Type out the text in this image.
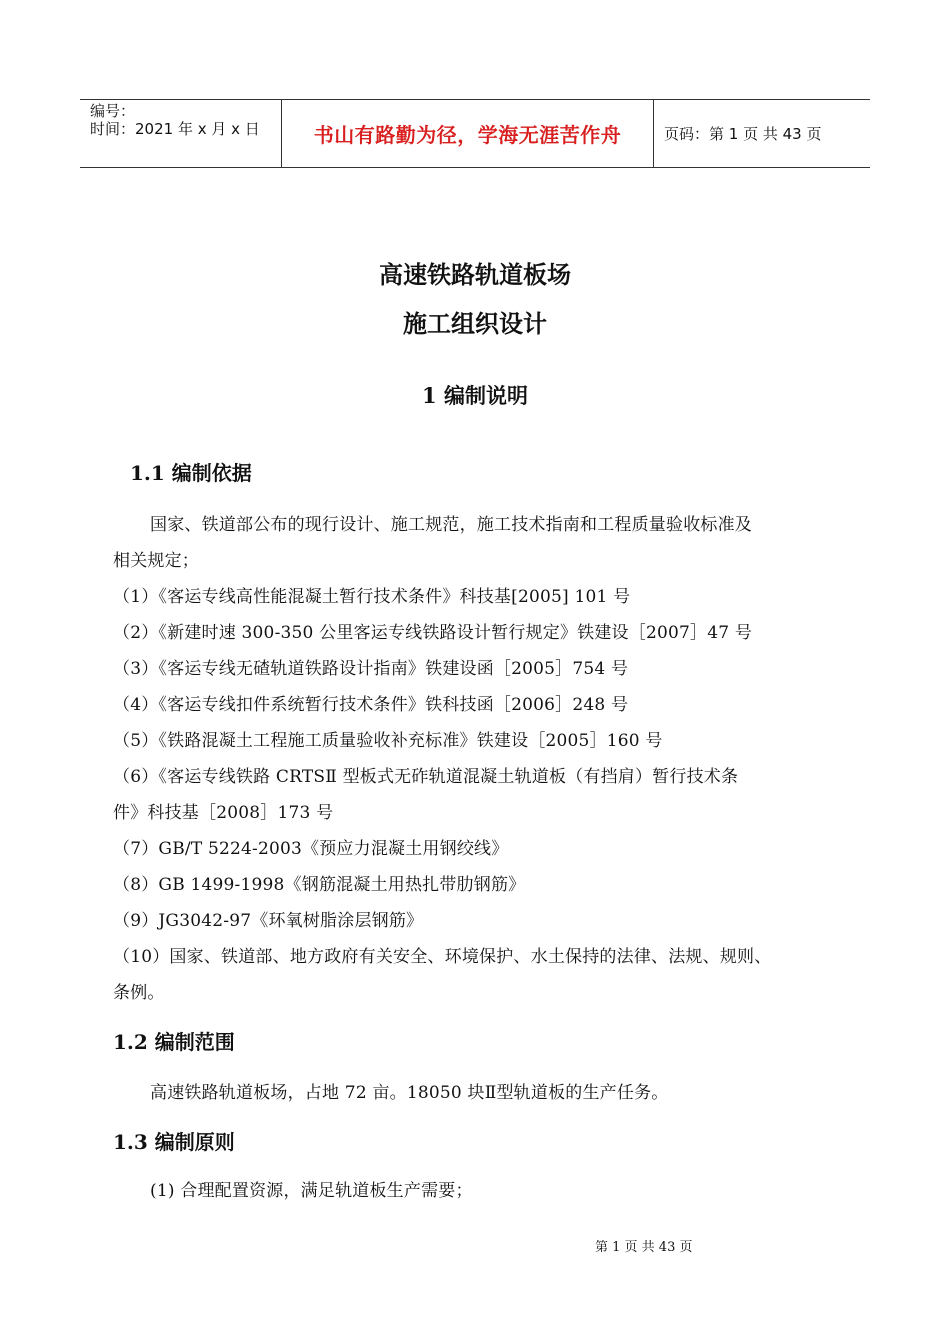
编号：
时间：2021 年 x 月 x 日	书山有路勤为径，学海无涯苦作舟	页码：第 1 页 共 43 页
高速铁路轨道板场
施工组织设计
1 编制说明
1.1 编制依据
国家、铁道部公布的现行设计、施工规范，施工技术指南和工程质量验收标准及
相关规定；
（1）《客运专线高性能混凝土暂行技术条件》科技基[2005] 101 号
（2）《新建时速 300-350 公里客运专线铁路设计暂行规定》铁建设［2007］47 号
（3）《客运专线无碴轨道铁路设计指南》铁建设函［2005］754 号
（4）《客运专线扣件系统暂行技术条件》铁科技函［2006］248 号
（5）《铁路混凝土工程施工质量验收补充标准》铁建设［2005］160 号
（6）《客运专线铁路 CRTSⅡ 型板式无砟轨道混凝土轨道板（有挡肩）暂行技术条
件》科技基［2008］173 号
（7）GB/T 5224-2003《预应力混凝土用钢绞线》
（8）GB 1499-1998《钢筋混凝土用热扎带肋钢筋》
（9）JG3042-97《环氧树脂涂层钢筋》
（10）国家、铁道部、地方政府有关安全、环境保护、水土保持的法律、法规、规则、
条例。
1.2 编制范围
高速铁路轨道板场，占地 72 亩。18050 块Ⅱ型轨道板的生产任务。
1.3 编制原则
(1) 合理配置资源，满足轨道板生产需要；
第 1 页 共 43 页
